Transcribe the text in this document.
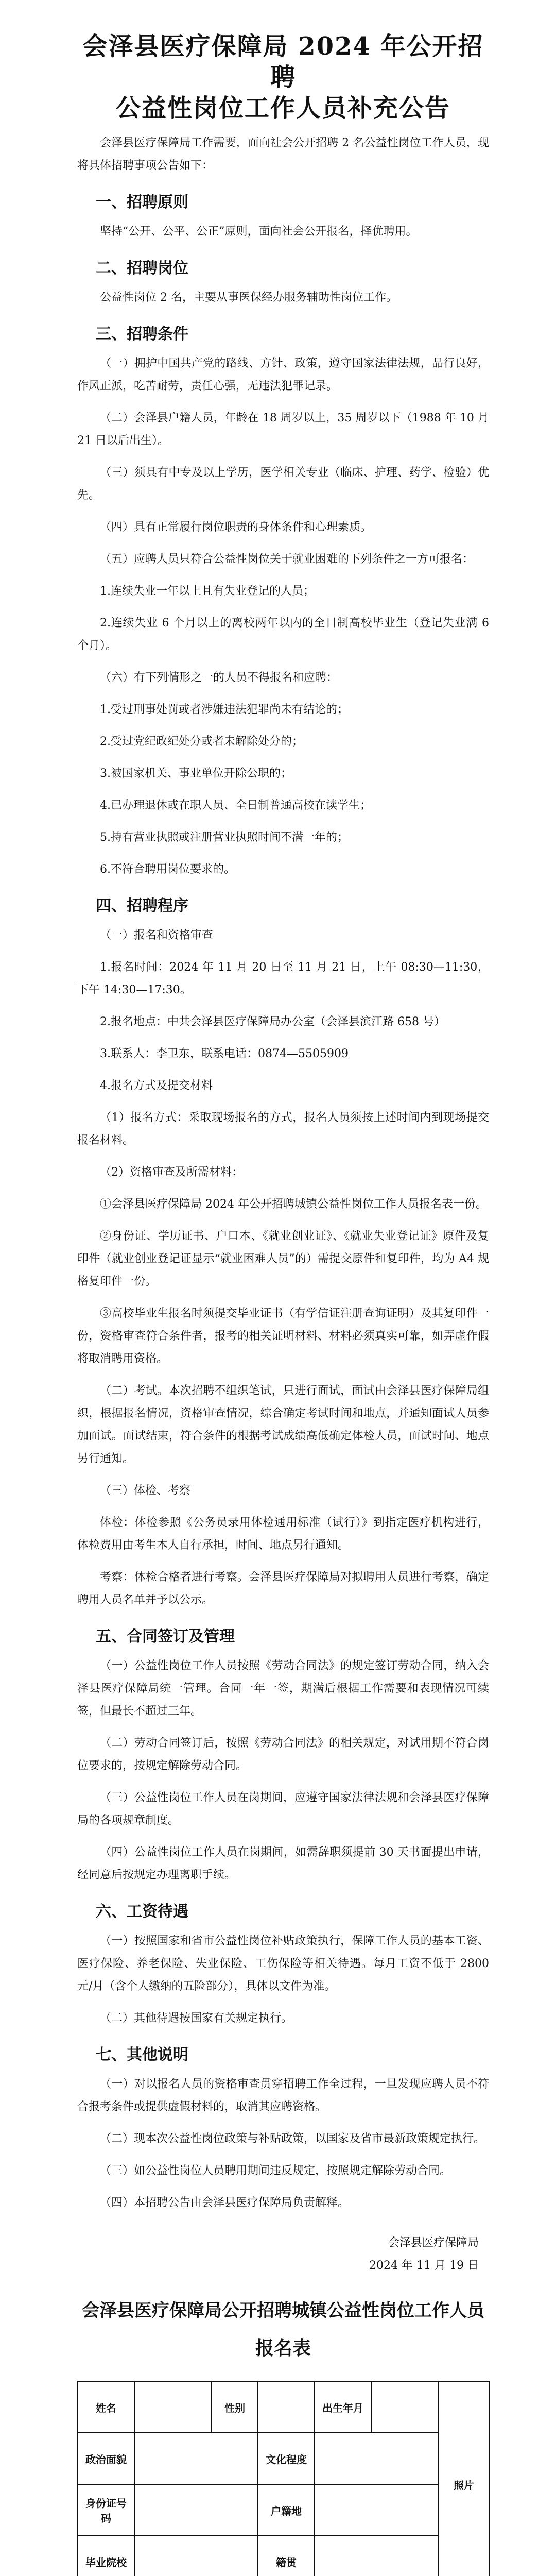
会泽县医疗保障局 2024 年公开招聘
公益性岗位工作人员补充公告

会泽县医疗保障局工作需要，面向社会公开招聘 2 名公益性岗位工作人员，现将具体招聘事项公告如下：

一、招聘原则

坚持“公开、公平、公正”原则，面向社会公开报名，择优聘用。

二、招聘岗位

公益性岗位 2 名，主要从事医保经办服务辅助性岗位工作。

三、招聘条件

（一）拥护中国共产党的路线、方针、政策，遵守国家法律法规，品行良好，作风正派，吃苦耐劳，责任心强，无违法犯罪记录。

（二）会泽县户籍人员，年龄在 18 周岁以上，35 周岁以下（1988 年 10 月 21 日以后出生）。

（三）须具有中专及以上学历，医学相关专业（临床、护理、药学、检验）优先。

（四）具有正常履行岗位职责的身体条件和心理素质。

（五）应聘人员只符合公益性岗位关于就业困难的下列条件之一方可报名：

1.连续失业一年以上且有失业登记的人员；

2.连续失业 6 个月以上的离校两年以内的全日制高校毕业生（登记失业满 6 个月）。

（六）有下列情形之一的人员不得报名和应聘：

1.受过刑事处罚或者涉嫌违法犯罪尚未有结论的；

2.受过党纪政纪处分或者未解除处分的；

3.被国家机关、事业单位开除公职的；

4.已办理退休或在职人员、全日制普通高校在读学生；

5.持有营业执照或注册营业执照时间不满一年的；

6.不符合聘用岗位要求的。

四、招聘程序

（一）报名和资格审查

1.报名时间：2024 年 11 月 20 日至 11 月 21 日，上午 08:30—11:30，下午 14:30—17:30。

2.报名地点：中共会泽县医疗保障局办公室（会泽县滨江路 658 号）

3.联系人：李卫东，联系电话：0874—5505909

4.报名方式及提交材料

（1）报名方式：采取现场报名的方式，报名人员须按上述时间内到现场提交报名材料。

（2）资格审查及所需材料：

①会泽县医疗保障局 2024 年公开招聘城镇公益性岗位工作人员报名表一份。

②身份证、学历证书、户口本、《就业创业证》、《就业失业登记证》原件及复印件（就业创业登记证显示“就业困难人员”的）需提交原件和复印件，均为 A4 规格复印件一份。

③高校毕业生报名时须提交毕业证书（有学信证注册查询证明）及其复印件一份，资格审查符合条件者，报考的相关证明材料、材料必须真实可靠，如弄虚作假将取消聘用资格。

（二）考试。本次招聘不组织笔试，只进行面试，面试由会泽县医疗保障局组织，根据报名情况，资格审查情况，综合确定考试时间和地点，并通知面试人员参加面试。面试结束，符合条件的根据考试成绩高低确定体检人员，面试时间、地点另行通知。

（三）体检、考察

体检：体检参照《公务员录用体检通用标准（试行）》到指定医疗机构进行，体检费用由考生本人自行承担，时间、地点另行通知。

考察：体检合格者进行考察。会泽县医疗保障局对拟聘用人员进行考察，确定聘用人员名单并予以公示。

五、合同签订及管理

（一）公益性岗位工作人员按照《劳动合同法》的规定签订劳动合同，纳入会泽县医疗保障局统一管理。合同一年一签，期满后根据工作需要和表现情况可续签，但最长不超过三年。

（二）劳动合同签订后，按照《劳动合同法》的相关规定，对试用期不符合岗位要求的，按规定解除劳动合同。

（三）公益性岗位工作人员在岗期间，应遵守国家法律法规和会泽县医疗保障局的各项规章制度。

（四）公益性岗位工作人员在岗期间，如需辞职须提前 30 天书面提出申请，经同意后按规定办理离职手续。

六、工资待遇

（一）按照国家和省市公益性岗位补贴政策执行，保障工作人员的基本工资、医疗保险、养老保险、失业保险、工伤保险等相关待遇。每月工资不低于 2800 元/月（含个人缴纳的五险部分），具体以文件为准。

（二）其他待遇按国家有关规定执行。

七、其他说明

（一）对以报名人员的资格审查贯穿招聘工作全过程，一旦发现应聘人员不符合报考条件或提供虚假材料的，取消其应聘资格。

（二）现本次公益性岗位政策与补贴政策，以国家及省市最新政策规定执行。

（三）如公益性岗位人员聘用期间违反规定，按照规定解除劳动合同。

（四）本招聘公告由会泽县医疗保障局负责解释。

会泽县医疗保障局

2024 年 11 月 19 日

会泽县医疗保障局公开招聘城镇公益性岗位工作人员
报名表
姓名		性别		出生年月		照片
政治面貌			文化程度			
身份证号码			户籍地			
毕业院校			籍贯			
